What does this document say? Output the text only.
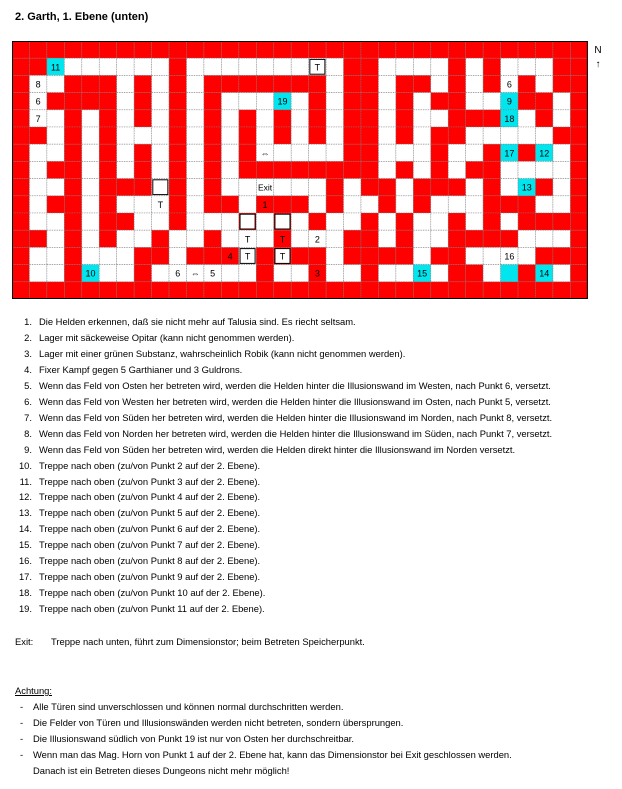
2. Garth, 1. Ebene (unten)
11	T
8	6
6	19	9
7	18
⇔	17	12
Exit	13
T	1
T	T	2
4 T	T	16
10	6 ⇔ 5	3	15	14
N
↑
1. Die Helden erkennen, daß sie nicht mehr auf Talusia sind. Es riecht seltsam.
2. Lager mit säckeweise Opitar (kann nicht genommen werden).
3. Lager mit einer grünen Substanz, wahrscheinlich Robik (kann nicht genommen werden).
4. Fixer Kampf gegen 5 Garthianer und 3 Guldrons.
5. Wenn das Feld von Osten her betreten wird, werden die Helden hinter die Illusionswand im Westen, nach Punkt 6, versetzt.
6. Wenn das Feld von Westen her betreten wird, werden die Helden hinter die Illusionswand im Osten, nach Punkt 5, versetzt.
7. Wenn das Feld von Süden her betreten wird, werden die Helden hinter die Illusionswand im Norden, nach Punkt 8, versetzt.
8. Wenn das Feld von Norden her betreten wird, werden die Helden hinter die Illusionswand im Süden, nach Punkt 7, versetzt.
9. Wenn das Feld von Süden her betreten wird, werden die Helden direkt hinter die Illusionswand im Norden versetzt.
10. Treppe nach oben (zu/von Punkt 2 auf der 2. Ebene).
11. Treppe nach oben (zu/von Punkt 3 auf der 2. Ebene).
12. Treppe nach oben (zu/von Punkt 4 auf der 2. Ebene).
13. Treppe nach oben (zu/von Punkt 5 auf der 2. Ebene).
14. Treppe nach oben (zu/von Punkt 6 auf der 2. Ebene).
15. Treppe nach oben (zu/von Punkt 7 auf der 2. Ebene).
16. Treppe nach oben (zu/von Punkt 8 auf der 2. Ebene).
17. Treppe nach oben (zu/von Punkt 9 auf der 2. Ebene).
18. Treppe nach oben (zu/von Punkt 10 auf der 2. Ebene).
19. Treppe nach oben (zu/von Punkt 11 auf der 2. Ebene).
Exit: Treppe nach unten, führt zum Dimensionstor; beim Betreten Speicherpunkt.
Achtung:
- Alle Türen sind unverschlossen und können normal durchschritten werden.
- Die Felder von Türen und Illusionswänden werden nicht betreten, sondern übersprungen.
- Die Illusionswand südlich von Punkt 19 ist nur von Osten her durchschreitbar.
- Wenn man das Mag. Horn von Punkt 1 auf der 2. Ebene hat, kann das Dimensionstor bei Exit geschlossen werden.
Danach ist ein Betreten dieses Dungeons nicht mehr möglich!
